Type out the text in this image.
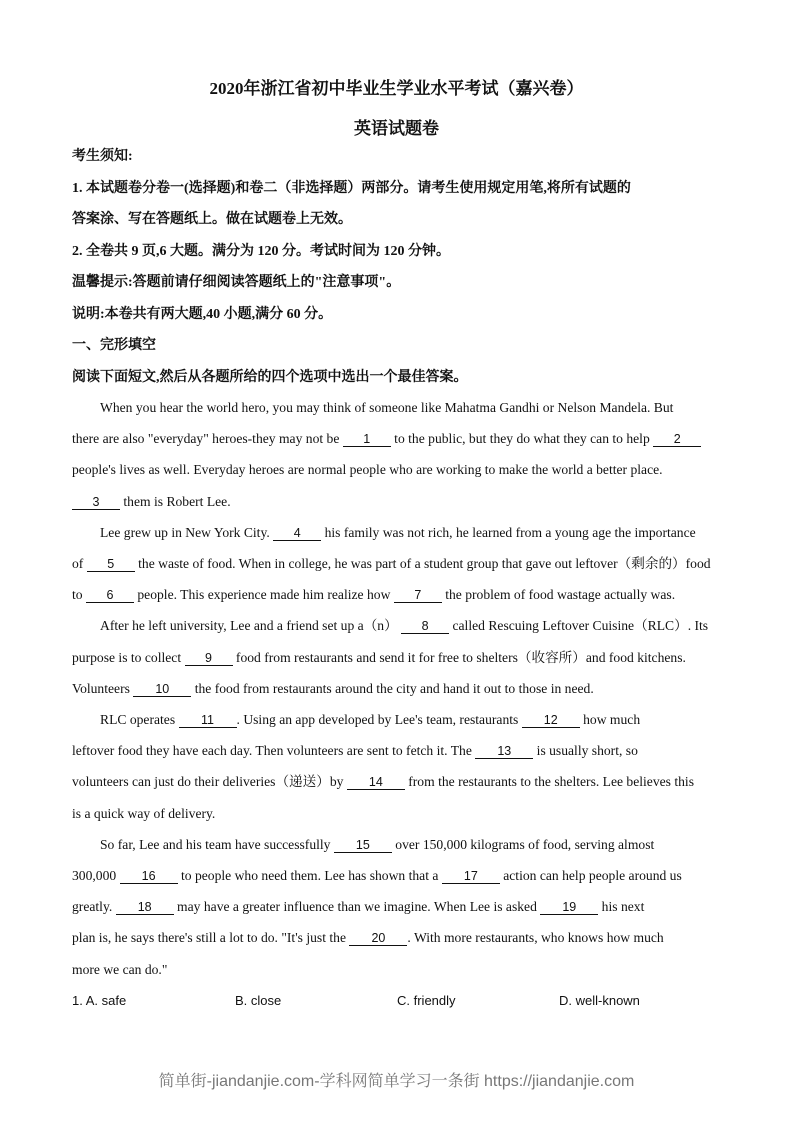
2020年浙江省初中毕业生学业水平考试（嘉兴卷）
英语试题卷
考生须知:
1. 本试题卷分卷一(选择题)和卷二（非选择题）两部分。请考生使用规定用笔,将所有试题的
答案涂、写在答题纸上。做在试题卷上无效。
2. 全卷共 9 页,6 大题。满分为 120 分。考试时间为 120 分钟。
温馨提示:答题前请仔细阅读答题纸上的"注意事项"。
说明:本卷共有两大题,40 小题,满分 60 分。
一、完形填空
阅读下面短文,然后从各题所给的四个选项中选出一个最佳答案。
When you hear the world hero, you may think of someone like Mahatma Gandhi or Nelson Mandela. But
there are also "everyday" heroes-they may not be 1 to the public, but they do what they can to help 2
people's lives as well. Everyday heroes are normal people who are working to make the world a better place.
3 them is Robert Lee.
Lee grew up in New York City. 4 his family was not rich, he learned from a young age the importance
of 5 the waste of food. When in college, he was part of a student group that gave out leftover（剩余的）food
to 6 people. This experience made him realize how 7 the problem of food wastage actually was.
After he left university, Lee and a friend set up a（n） 8 called Rescuing Leftover Cuisine（RLC）. Its
purpose is to collect 9 food from restaurants and send it for free to shelters（收容所）and food kitchens.
Volunteers 10 the food from restaurants around the city and hand it out to those in need.
RLC operates 11 . Using an app developed by Lee's team, restaurants 12 how much
leftover food they have each day. Then volunteers are sent to fetch it. The 13 is usually short, so
volunteers can just do their deliveries（递送）by 14 from the restaurants to the shelters. Lee believes this
is a quick way of delivery.
So far, Lee and his team have successfully 15 over 150,000 kilograms of food, serving almost
300,000 16 to people who need them. Lee has shown that a 17 action can help people around us
greatly. 18 may have a greater influence than we imagine. When Lee is asked 19 his next
plan is, he says there's still a lot to do. "It's just the 20 . With more restaurants, who knows how much
more we can do."
1. A. safe	B. close	C. friendly	D. well-known
简单街-jiandanjie.com-学科网简单学习一条街 https://jiandanjie.com
